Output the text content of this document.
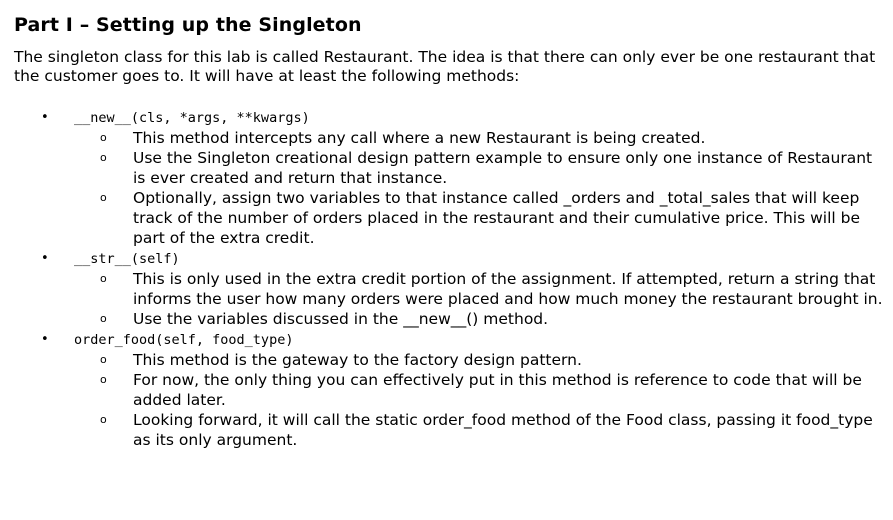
Part I – Setting up the Singleton

The singleton class for this lab is called Restaurant. The idea is that there can only ever be one restaurant that the customer goes to. It will have at least the following methods:

• __new__(cls, *args, **kwargs)
o This method intercepts any call where a new Restaurant is being created.
o Use the Singleton creational design pattern example to ensure only one instance of Restaurant is ever created and return that instance.
o Optionally, assign two variables to that instance called _orders and _total_sales that will keep track of the number of orders placed in the restaurant and their cumulative price. This will be part of the extra credit.
• __str__(self)
o This is only used in the extra credit portion of the assignment. If attempted, return a string that informs the user how many orders were placed and how much money the restaurant brought in.
o Use the variables discussed in the __new__() method.
• order_food(self, food_type)
o This method is the gateway to the factory design pattern.
o For now, the only thing you can effectively put in this method is reference to code that will be added later.
o Looking forward, it will call the static order_food method of the Food class, passing it food_type as its only argument.
